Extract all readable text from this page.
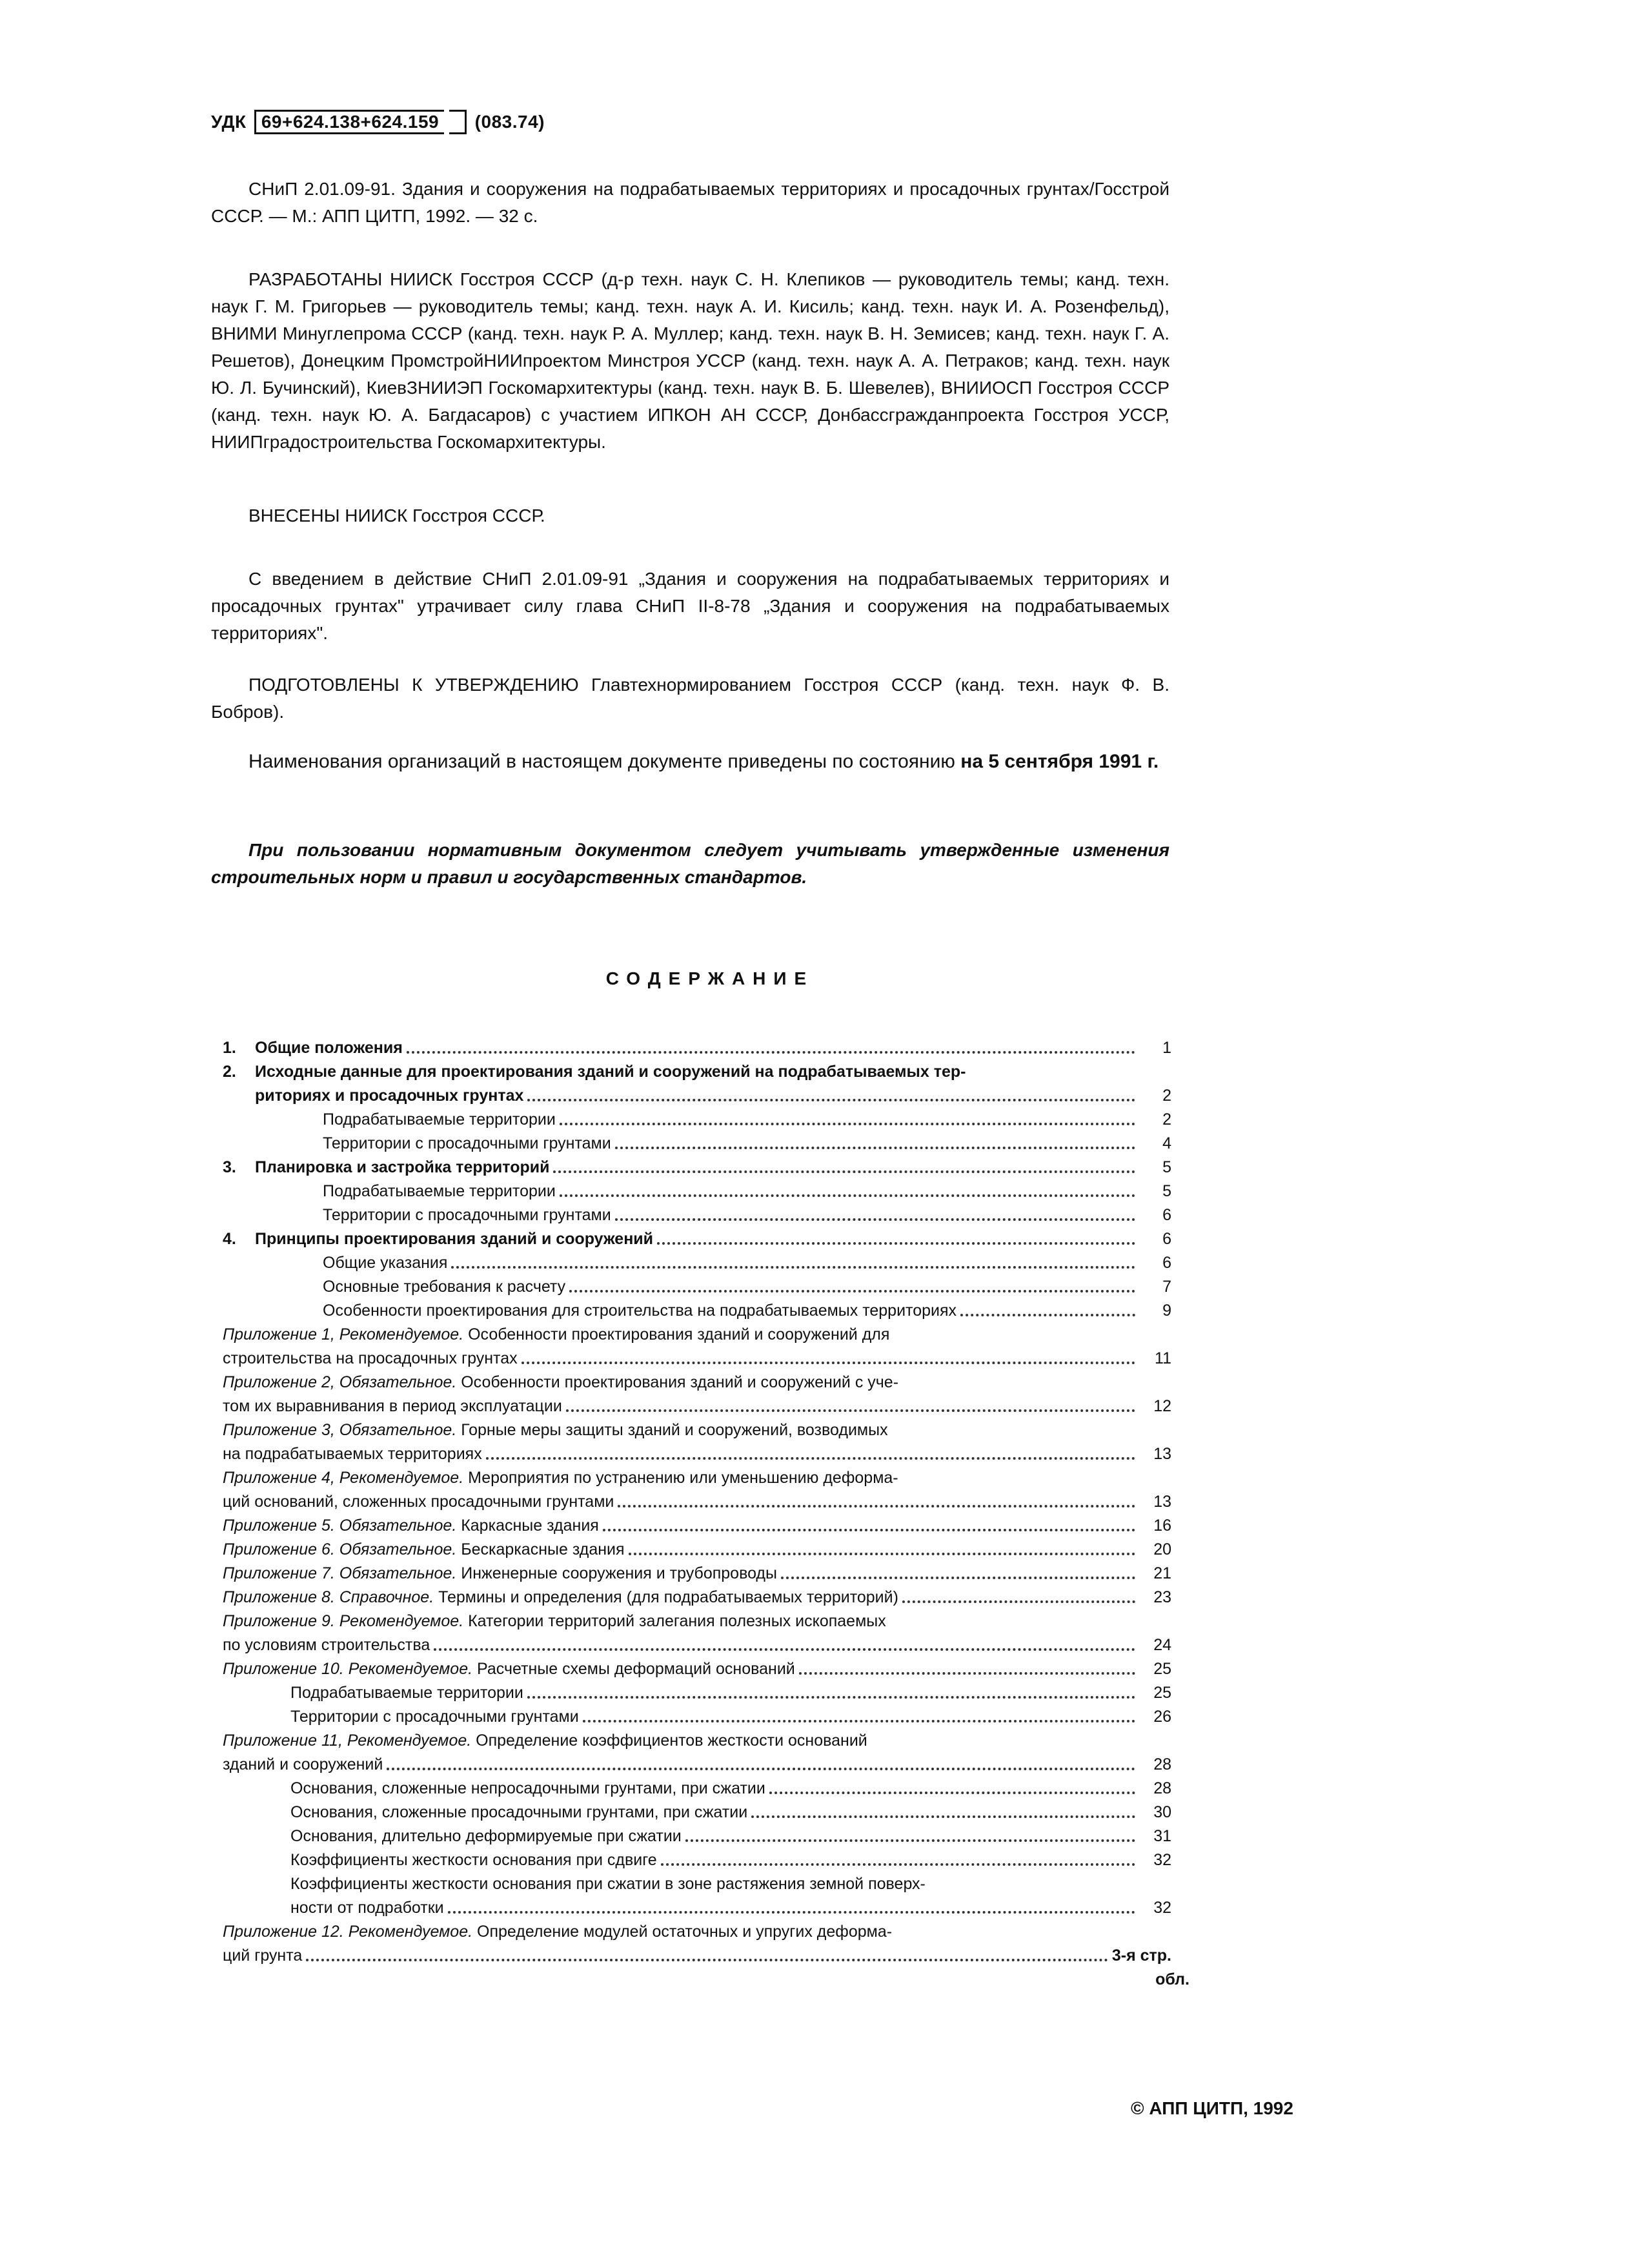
УДК 69+624.138+624.159 (083.74)
СНиП 2.01.09-91. Здания и сооружения на подрабатываемых территориях и просадочных грунтах/Госстрой СССР. — М.: АПП ЦИТП, 1992. — 32 с.
РАЗРАБОТАНЫ НИИСК Госстроя СССР (д-р техн. наук С. Н. Клепиков — руководитель темы; канд. техн. наук Г. М. Григорьев — руководитель темы; канд. техн. наук А. И. Кисиль; канд. техн. наук И. А. Розенфельд), ВНИМИ Минуглепрома СССР (канд. техн. наук Р. А. Муллер; канд. техн. наук В. Н. Земисев; канд. техн. наук Г. А. Решетов), Донецким ПромстройНИИпроектом Минстроя УССР (канд. техн. наук А. А. Петраков; канд. техн. наук Ю. Л. Бучинский), КиевЗНИИЭП Госкомархитектуры (канд. техн. наук В. Б. Шевелев), ВНИИОСП Госстроя СССР (канд. техн. наук Ю. А. Багдасаров) с участием ИПКОН АН СССР, Донбассгражданпроекта Госстроя УССР, НИИПградостроительства Госкомархитектуры.
ВНЕСЕНЫ НИИСК Госстроя СССР.
С введением в действие СНиП 2.01.09-91 „Здания и сооружения на подрабатываемых территориях и просадочных грунтах" утрачивает силу глава СНиП II-8-78 „Здания и сооружения на подрабатываемых территориях".
ПОДГОТОВЛЕНЫ К УТВЕРЖДЕНИЮ Главтехнормированием Госстроя СССР (канд. техн. наук Ф. В. Бобров).
Наименования организаций в настоящем документе приведены по состоянию на 5 сентября 1991 г.
При пользовании нормативным документом следует учитывать утвержденные изменения строительных норм и правил и государственных стандартов.
СОДЕРЖАНИЕ
1.	Общие положения	1
2.	Исходные данные для проектирования зданий и сооружений на подрабатываемых тер-
риториях и просадочных грунтах	2
Подрабатываемые территории	2
Территории с просадочными грунтами	4
3.	Планировка и застройка территорий	5
Подрабатываемые территории	5
Территории с просадочными грунтами	6
4.	Принципы проектирования зданий и сооружений	6
Общие указания	6
Основные требования к расчету	7
Особенности проектирования для строительства на подрабатываемых территориях	9
Приложение 1, Рекомендуемое. Особенности проектирования зданий и сооружений для
строительства на просадочных грунтах	11
Приложение 2, Обязательное. Особенности проектирования зданий и сооружений с уче-
том их выравнивания в период эксплуатации	12
Приложение 3, Обязательное. Горные меры защиты зданий и сооружений, возводимых
на подрабатываемых территориях	13
Приложение 4, Рекомендуемое. Мероприятия по устранению или уменьшению деформа-
ций оснований, сложенных просадочными грунтами	13
Приложение 5. Обязательное. Каркасные здания	16
Приложение 6. Обязательное. Бескаркасные здания	20
Приложение 7. Обязательное. Инженерные сооружения и трубопроводы	21
Приложение 8. Справочное. Термины и определения (для подрабатываемых территорий)	23
Приложение 9. Рекомендуемое. Категории территорий залегания полезных ископаемых
по условиям строительства	24
Приложение 10. Рекомендуемое. Расчетные схемы деформаций оснований	25
Подрабатываемые территории	25
Территории с просадочными грунтами	26
Приложение 11, Рекомендуемое. Определение коэффициентов жесткости оснований
зданий и сооружений	28
Основания, сложенные непросадочными грунтами, при сжатии	28
Основания, сложенные просадочными грунтами, при сжатии	30
Основания, длительно деформируемые при сжатии	31
Коэффициенты жесткости основания при сдвиге	32
Коэффициенты жесткости основания при сжатии в зоне растяжения земной поверх-
ности от подработки	32
Приложение 12. Рекомендуемое. Определение модулей остаточных и упругих деформа-
ций грунта	3-я стр.
обл.
© АПП ЦИТП, 1992
